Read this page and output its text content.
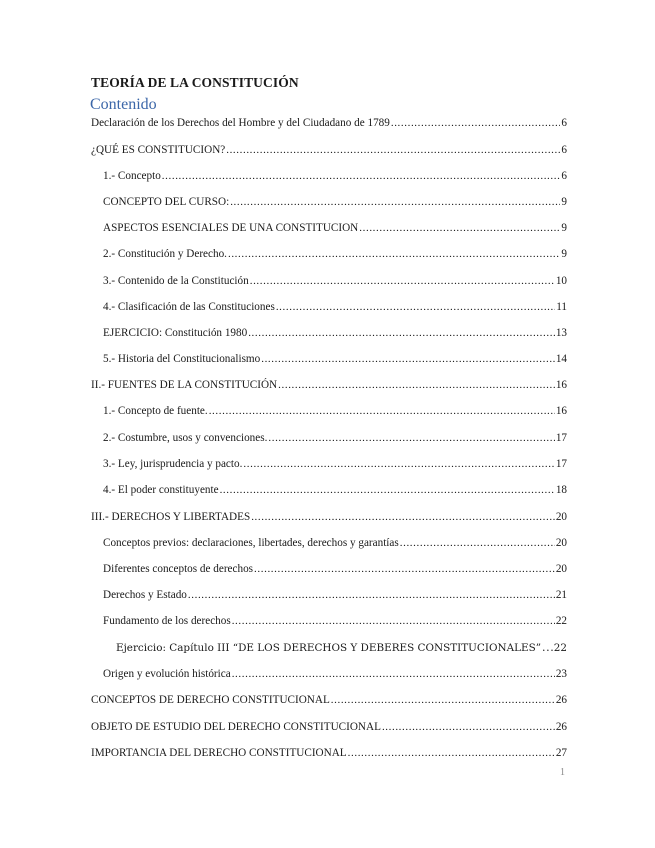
TEORÍA DE LA CONSTITUCIÓN
Contenido
Declaración de los Derechos del Hombre y del Ciudadano de 1789 .....	6
¿QUÉ ES CONSTITUCION? .....	6
1.- Concepto .....	6
CONCEPTO DEL CURSO: .....	9
ASPECTOS ESENCIALES DE UNA CONSTITUCION .....	9
2.- Constitución y Derecho. .....	9
3.- Contenido de la Constitución .....	10
4.- Clasificación de las Constituciones .....	11
EJERCICIO: Constitución 1980 .....	13
5.- Historia del Constitucionalismo .....	14
II.- FUENTES DE LA CONSTITUCIÓN .....	16
1.- Concepto de fuente. .....	16
2.- Costumbre, usos y convenciones. .....	17
3.- Ley, jurisprudencia y pacto. .....	17
4.- El poder constituyente .....	18
III.- DERECHOS Y LIBERTADES .....	20
Conceptos previos: declaraciones, libertades, derechos y garantías .....	20
Diferentes conceptos de derechos .....	20
Derechos y Estado .....	21
Fundamento de los derechos .....	22
Ejercicio: Capítulo III “DE LOS DERECHOS Y DEBERES CONSTITUCIONALES” ..... 22
Origen y evolución histórica .....	23
CONCEPTOS DE DERECHO CONSTITUCIONAL .....	26
OBJETO DE ESTUDIO DEL DERECHO CONSTITUCIONAL .....	26
IMPORTANCIA DEL DERECHO CONSTITUCIONAL .....	27
1
